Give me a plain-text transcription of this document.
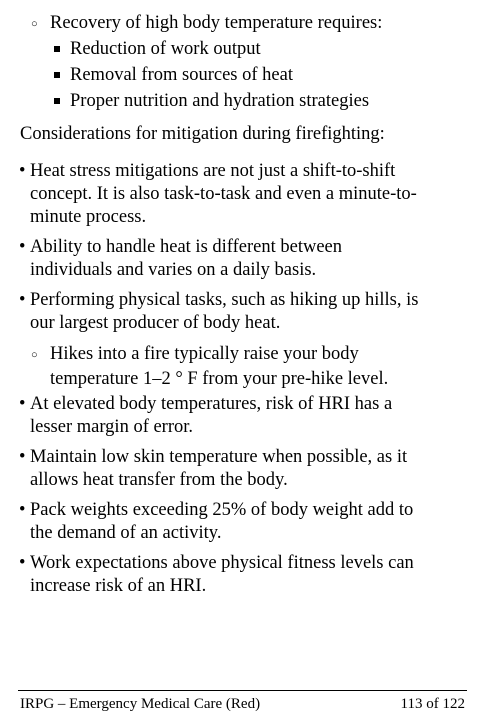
○ Recovery of high body temperature requires:
Reduction of work output
Removal from sources of heat
Proper nutrition and hydration strategies
Considerations for mitigation during firefighting:
• Heat stress mitigations are not just a shift-to-shift
concept. It is also task-to-task and even a minute-to-
minute process.
• Ability to handle heat is different between
individuals and varies on a daily basis.
• Performing physical tasks, such as hiking up hills, is
our largest producer of body heat.
○ Hikes into a fire typically raise your body
temperature 1–2 ° F from your pre-hike level.
• At elevated body temperatures, risk of HRI has a
lesser margin of error.
• Maintain low skin temperature when possible, as it
allows heat transfer from the body.
• Pack weights exceeding 25% of body weight add to
the demand of an activity.
• Work expectations above physical fitness levels can
increase risk of an HRI.
IRPG – Emergency Medical Care (Red)	113 of 122
